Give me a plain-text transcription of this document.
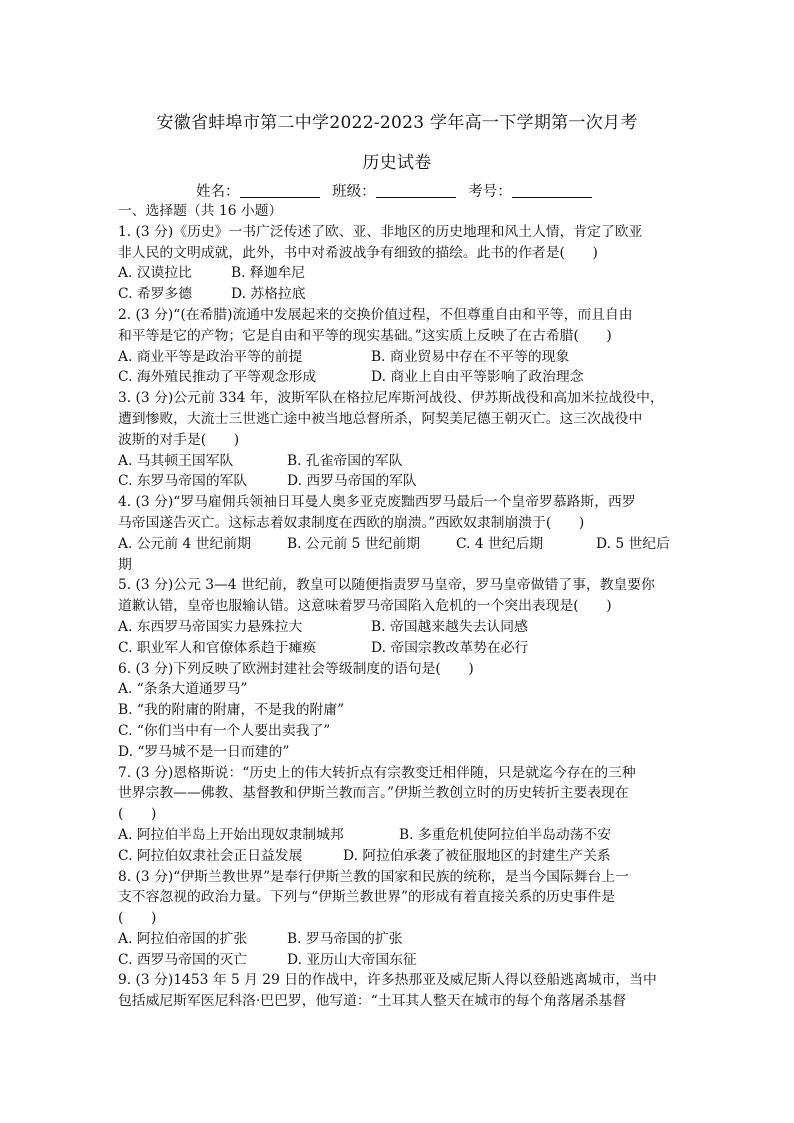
安徽省蚌埠市第二中学2022-2023 学年高一下学期第一次月考
历史试卷
姓名：	班级：	考号：
一、选择题（共 16 小题）
1. (3 分)《历史》一书广泛传述了欧、亚、非地区的历史地理和风土人情，肯定了欧亚
非人民的文明成就，此外，书中对希波战争有细致的描绘。此书的作者是(　　)
A. 汉谟拉比	B. 释迦牟尼
C. 希罗多德	D. 苏格拉底
2. (3 分)“(在希腊)流通中发展起来的交换价值过程，不但尊重自由和平等，而且自由
和平等是它的产物；它是自由和平等的现实基础。”这实质上反映了在古希腊(　　)
A. 商业平等是政治平等的前提	B. 商业贸易中存在不平等的现象
C. 海外殖民推动了平等观念形成	D. 商业上自由平等影响了政治理念
3. (3 分)公元前 334 年，波斯军队在格拉尼库斯河战役、伊苏斯战役和高加米拉战役中，
遭到惨败，大流士三世逃亡途中被当地总督所杀，阿契美尼德王朝灭亡。这三次战役中
波斯的对手是(　　)
A. 马其顿王国军队	B. 孔雀帝国的军队
C. 东罗马帝国的军队	D. 西罗马帝国的军队
4. (3 分)“罗马雇佣兵领袖日耳曼人奥多亚克废黜西罗马最后一个皇帝罗慕路斯，西罗
马帝国遂告灭亡。这标志着奴隶制度在西欧的崩溃。”西欧奴隶制崩溃于(　　)
A. 公元前 4 世纪前期	B. 公元前 5 世纪前期	C. 4 世纪后期	D. 5 世纪后
期
5. (3 分)公元 3—4 世纪前，教皇可以随便指责罗马皇帝，罗马皇帝做错了事，教皇要你
道歉认错，皇帝也服输认错。这意味着罗马帝国陷入危机的一个突出表现是(　　)
A. 东西罗马帝国实力悬殊拉大	B. 帝国越来越失去认同感
C. 职业军人和官僚体系趋于瘫痪	D. 帝国宗教改革势在必行
6. (3 分)下列反映了欧洲封建社会等级制度的语句是(　　)
A. “条条大道通罗马”
B. “我的附庸的附庸，不是我的附庸”
C. “你们当中有一个人要出卖我了”
D. “罗马城不是一日而建的”
7. (3 分)恩格斯说：“历史上的伟大转折点有宗教变迁相伴随，只是就迄今存在的三种
世界宗教——佛教、基督教和伊斯兰教而言。”伊斯兰教创立时的历史转折主要表现在
(　　)
A. 阿拉伯半岛上开始出现奴隶制城邦	B. 多重危机使阿拉伯半岛动荡不安
C. 阿拉伯奴隶社会正日益发展	D. 阿拉伯承袭了被征服地区的封建生产关系
8. (3 分)“伊斯兰教世界”是奉行伊斯兰教的国家和民族的统称，是当今国际舞台上一
支不容忽视的政治力量。下列与“伊斯兰教世界”的形成有着直接关系的历史事件是
(　　)
A. 阿拉伯帝国的扩张	B. 罗马帝国的扩张
C. 西罗马帝国的灭亡	D. 亚历山大帝国东征
9. (3 分)1453 年 5 月 29 日的作战中，许多热那亚及威尼斯人得以登船逃离城市，当中
包括威尼斯军医尼科洛·巴巴罗，他写道：“土耳其人整天在城市的每个角落屠杀基督
